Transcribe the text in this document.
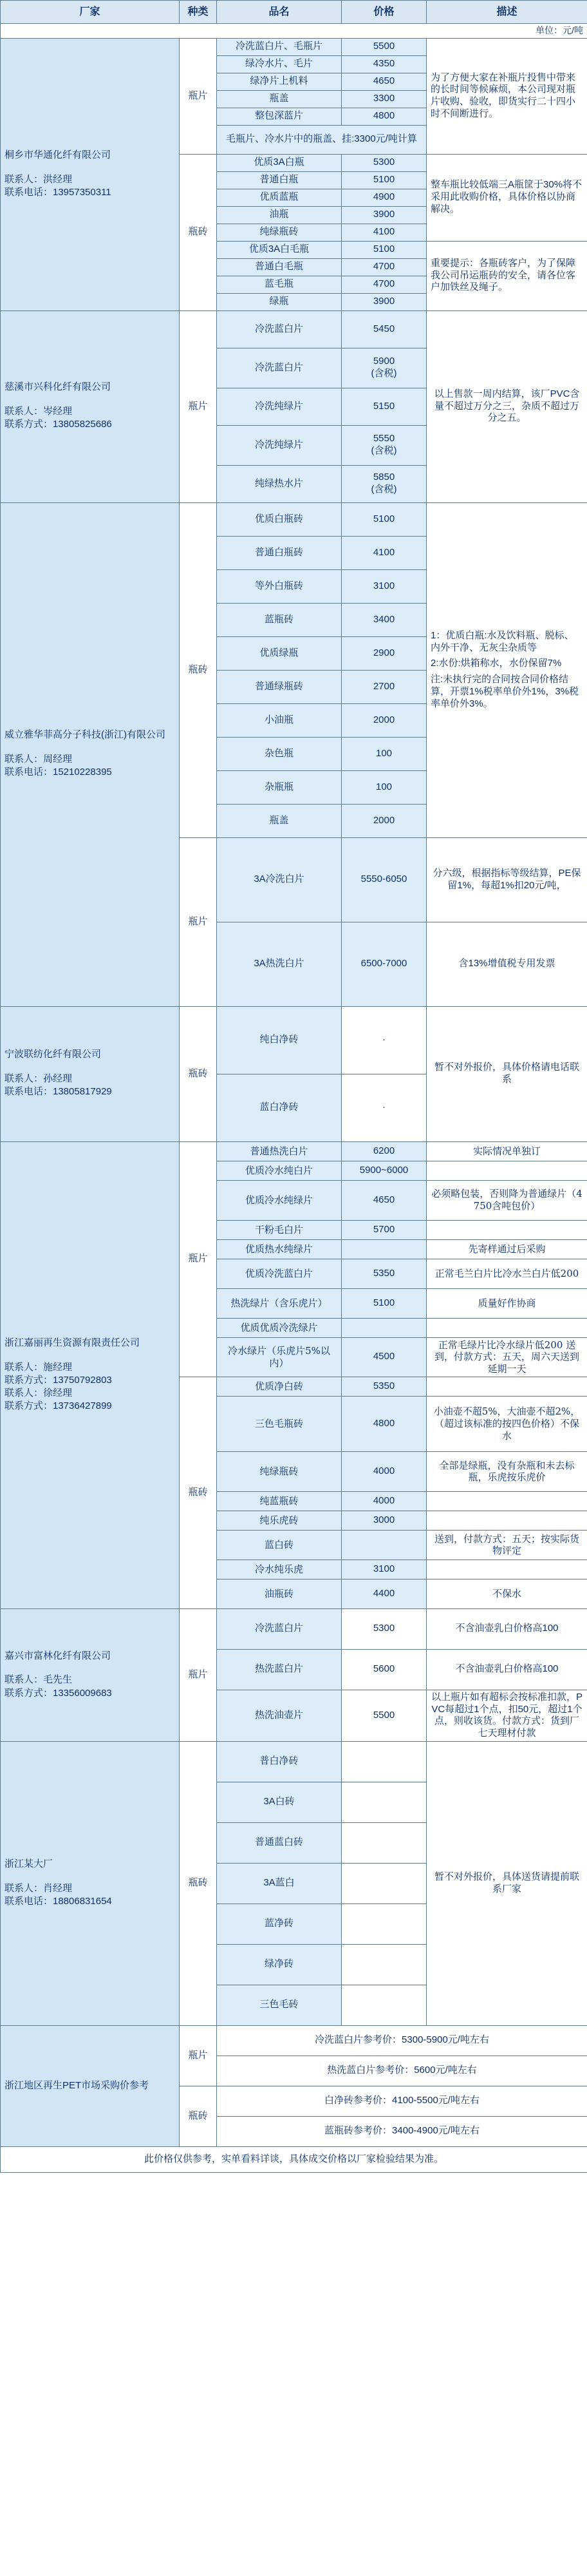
厂家	种类	品名	价格	描述
单位：元/吨				

桐乡市华通化纤有限公司
联系人：洪经理
联系电话：13957350311	瓶片	冷洗蓝白片、毛瓶片	5500	为了方便大家在补瓶片投售中带来的长时间等候麻烦，本公司现对瓶片收购、验收，即货实行二十四小时不间断进行。
		绿冷水片、毛片	4350	
		绿净片上机料	4650	
		瓶盖	3300	
		整包深蓝片	4800	
		毛瓶片、冷水片中的瓶盖、挂:3300元/吨计算		
	瓶砖	优质3A白瓶	5300	整车瓶比较低端三A瓶筐于30%将不采用此收购价格，具体价格以协商解决。
		普通白瓶	5100	
		优质蓝瓶	4900	
		油瓶	3900	
		纯绿瓶砖	4100	
		优质3A白毛瓶	5100	重要提示：各瓶砖客户，为了保障我公司吊运瓶砖的安全，请各位客户加铁丝及绳子。
		普通白毛瓶	4700	
		蓝毛瓶	4700	
		绿瓶	3900	

慈溪市兴科化纤有限公司
联系人：岑经理
联系方式：13805825686	瓶片	冷洗蓝白片	5450	以上售款一周内结算，该厂PVC含量不超过万分之三，杂质不超过万分之五。
		冷洗蓝白片	5900
(含税)	
		冷洗纯绿片	5150	
		冷洗纯绿片	5550
(含税)	
		纯绿热水片	5850
(含税)	

威立雅华菲高分子科技(浙江)有限公司
联系人：周经理
联系电话：15210228395	瓶砖	优质白瓶砖	5100	1：优质白瓶:水及饮料瓶、脱标、内外干净、无灰尘杂质等
2:水份:烘箱称水，水份保留7%
注:未执行完的合同按合同价格结算，开票1%税率单价外1%，3%税率单价外3%。

		普通白瓶砖	4100	
		等外白瓶砖	3100	
		蓝瓶砖	3400	
		优质绿瓶	2900	
		普通绿瓶砖	2700	
		小油瓶	2000	
		杂色瓶	100	
		杂瓶瓶	100	
		瓶盖	2000	
	瓶片	3A冷洗白片	5550-6050	分六级，根据指标等级结算，PE保留1%，每超1%扣20元/吨，
		3A热洗白片	6500-7000	含13%增值税专用发票

宁波联纺化纤有限公司
联系人：孙经理
联系电话：13805817929	瓶砖	纯白净砖	·	暂不对外报价，具体价格请电话联系
		蓝白净砖	·	

浙江嘉丽再生资源有限责任公司
联系人：施经理
联系方式：13750792803
联系人：徐经理
联系方式：13736427899	瓶片	普通热洗白片	6200	实际情况单独订
		优质冷水纯白片	5900~6000	
		优质冷水纯绿片	4650	必须略包装，否则降为普通绿片（4750含吨包价）
		干粉毛白片	5700	
		优质热水纯绿片		先寄样通过后采购
		优质冷洗蓝白片	5350	正常毛兰白片比冷水兰白片低200
		热洗绿片（含乐虎片）	5100	质量好作协商
		优质优质冷洗绿片		
		冷水绿片（乐虎片5%以内）	4500	正常毛绿片比冷水绿片低200 送到，付款方式：五天，周六天送到延期一天
	瓶砖	优质净白砖	5350	
		三色毛瓶砖	4800	小油壶不超5%，大油壶不超2%，（超过该标准的按四色价格）不保水
		纯绿瓶砖	4000	全部是绿瓶，没有杂瓶和未去标瓶，乐虎按乐虎价
		纯蓝瓶砖	4000	
		纯乐虎砖	3000	
		蓝白砖		送到，付款方式：五天；按实际货物评定
		冷水纯乐虎	3100	
		油瓶砖	4400	不保水

嘉兴市富林化纤有限公司
联系人：毛先生
联系方式：13356009683	瓶片	冷洗蓝白片	5300	不含油壶乳白价格高100
		热洗蓝白片	5600	不含油壶乳白价格高100
		热洗油壶片	5500	以上瓶片如有超标会按标准扣款，PVC每超过1个点，扣50元，超过1个点，则收该货。付款方式：货到厂七天理材付款

浙江某大厂
联系人：肖经理
联系电话：18806831654	瓶砖	普白净砖		暂不对外报价，具体送货请提前联系厂家
		3A白砖		
		普通蓝白砖		
		3A蓝白		
		蓝净砖		
		绿净砖		
		三色毛砖		

浙江地区再生PET市场采购价参考	瓶片	冷洗蓝白片参考价：5300-5900元/吨左右		
		热洗蓝白片参考价：5600元/吨左右		
	瓶砖	白净砖参考价：4100-5500元/吨左右		
		蓝瓶砖参考价：3400-4900元/吨左右		
此价格仅供参考，实单看料详谈，具体成交价格以厂家检验结果为准。				
